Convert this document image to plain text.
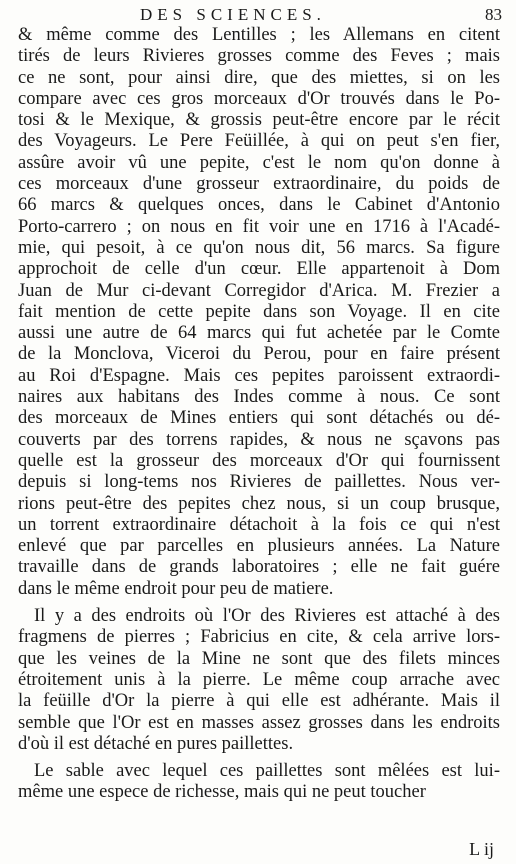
DES SCIENCES.	83
& même comme des Lentilles ; les Allemans en citent
tirés de leurs Rivieres grosses comme des Feves ; mais
ce ne sont, pour ainsi dire, que des miettes, si on les
compare avec ces gros morceaux d'Or trouvés dans le Po-
tosi & le Mexique, & grossis peut-être encore par le récit
des Voyageurs. Le Pere Feüillée, à qui on peut s'en fier,
assûre avoir vû une pepite, c'est le nom qu'on donne à
ces morceaux d'une grosseur extraordinaire, du poids de
66 marcs & quelques onces, dans le Cabinet d'Antonio
Porto-carrero ; on nous en fit voir une en 1716 à l'Acadé-
mie, qui pesoit, à ce qu'on nous dit, 56 marcs. Sa figure
approchoit de celle d'un cœur. Elle appartenoit à Dom
Juan de Mur ci-devant Corregidor d'Arica. M. Frezier a
fait mention de cette pepite dans son Voyage. Il en cite
aussi une autre de 64 marcs qui fut achetée par le Comte
de la Monclova, Viceroi du Perou, pour en faire présent
au Roi d'Espagne. Mais ces pepites paroissent extraordi-
naires aux habitans des Indes comme à nous. Ce sont
des morceaux de Mines entiers qui sont détachés ou dé-
couverts par des torrens rapides, & nous ne sçavons pas
quelle est la grosseur des morceaux d'Or qui fournissent
depuis si long-tems nos Rivieres de paillettes. Nous ver-
rions peut-être des pepites chez nous, si un coup brusque,
un torrent extraordinaire détachoit à la fois ce qui n'est
enlevé que par parcelles en plusieurs années. La Nature
travaille dans de grands laboratoires ; elle ne fait guére
dans le même endroit pour peu de matiere.
Il y a des endroits où l'Or des Rivieres est attaché à des
fragmens de pierres ; Fabricius en cite, & cela arrive lors-
que les veines de la Mine ne sont que des filets minces
étroitement unis à la pierre. Le même coup arrache avec
la feüille d'Or la pierre à qui elle est adhérante. Mais il
semble que l'Or est en masses assez grosses dans les endroits
d'où il est détaché en pures paillettes.
Le sable avec lequel ces paillettes sont mêlées est lui-
même une espece de richesse, mais qui ne peut toucher
L ij
